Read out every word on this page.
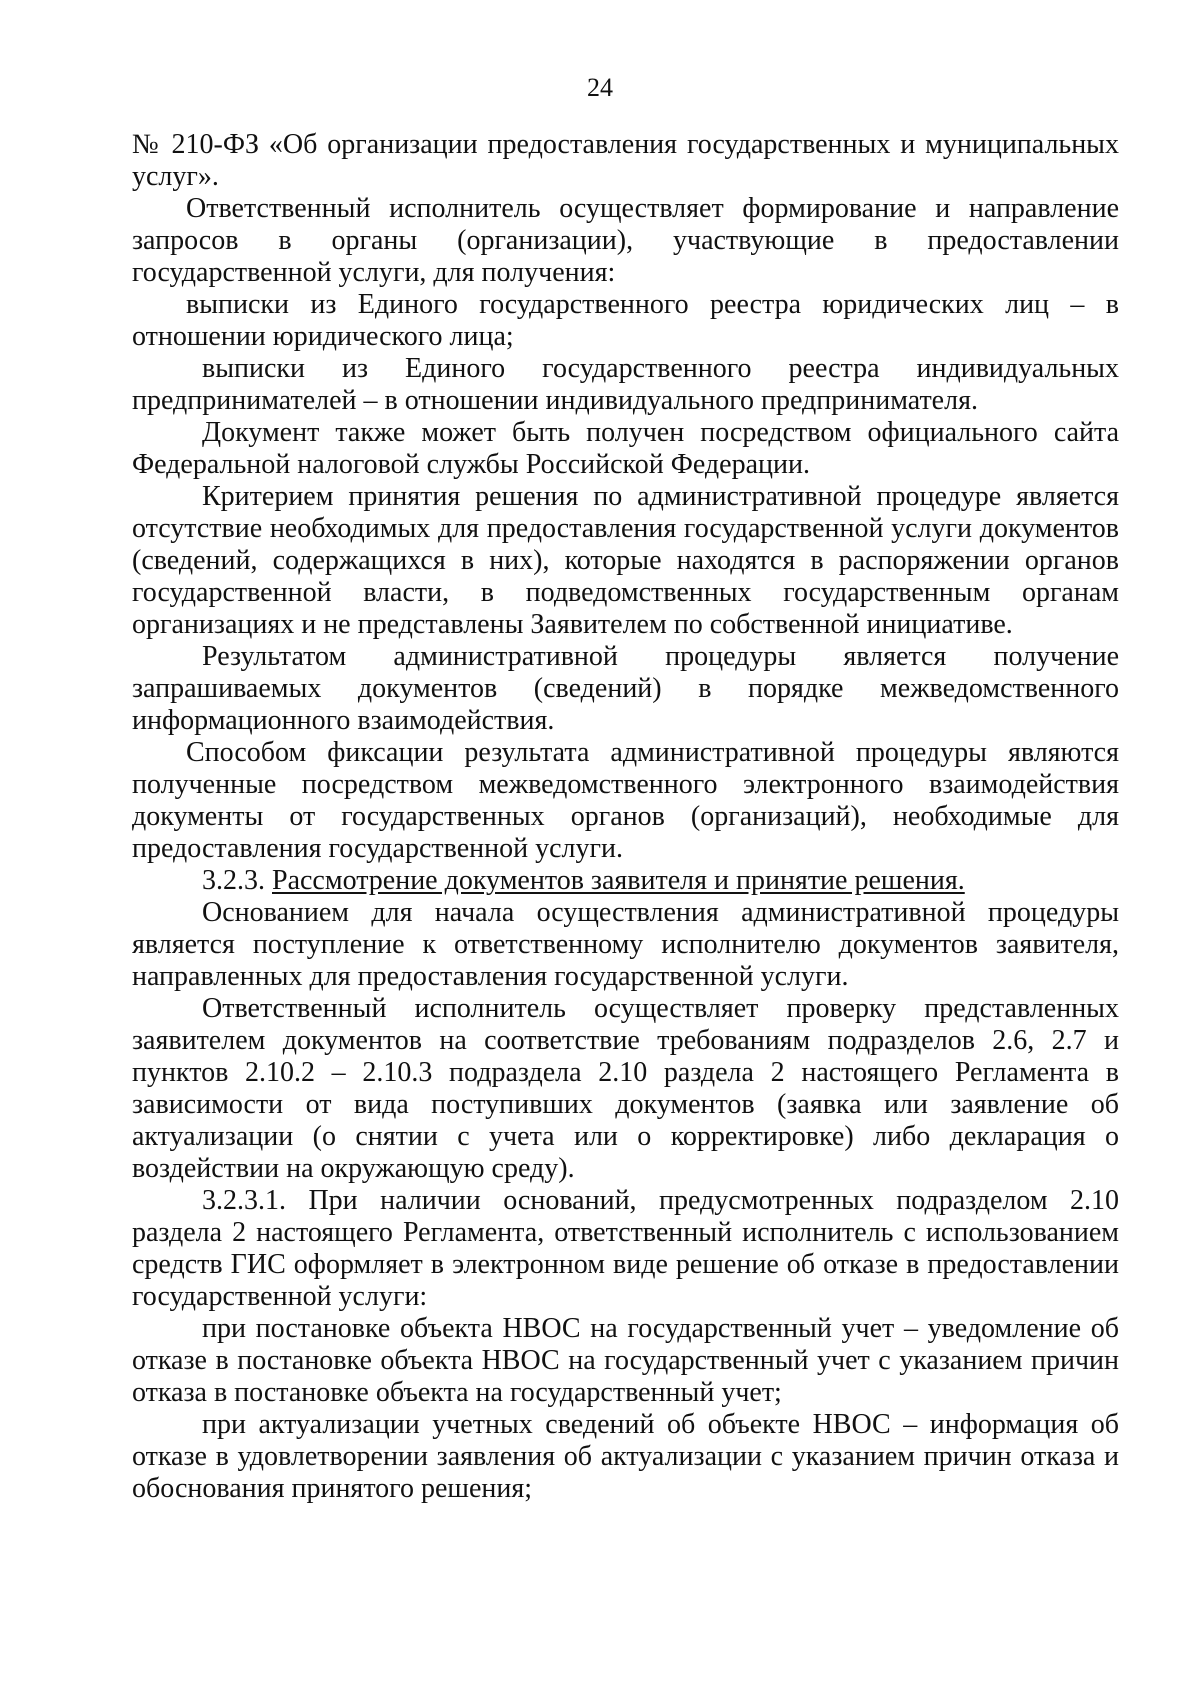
24

№ 210-ФЗ «Об организации предоставления государственных и муниципальных услуг».

Ответственный исполнитель осуществляет формирование и направление запросов в органы (организации), участвующие в предоставлении государственной услуги, для получения:

выписки из Единого государственного реестра юридических лиц – в отношении юридического лица;

выписки из Единого государственного реестра индивидуальных предпринимателей – в отношении индивидуального предпринимателя.

Документ также может быть получен посредством официального сайта Федеральной налоговой службы Российской Федерации.

Критерием принятия решения по административной процедуре является отсутствие необходимых для предоставления государственной услуги документов (сведений, содержащихся в них), которые находятся в распоряжении органов государственной власти, в подведомственных государственным органам организациях и не представлены Заявителем по собственной инициативе.

Результатом административной процедуры является получение запрашиваемых документов (сведений) в порядке межведомственного информационного взаимодействия.

Способом фиксации результата административной процедуры являются полученные посредством межведомственного электронного взаимодействия документы от государственных органов (организаций), необходимые для предоставления государственной услуги.

3.2.3. Рассмотрение документов заявителя и принятие решения.

Основанием для начала осуществления административной процедуры является поступление к ответственному исполнителю документов заявителя, направленных для предоставления государственной услуги.

Ответственный исполнитель осуществляет проверку представленных заявителем документов на соответствие требованиям подразделов 2.6, 2.7 и пунктов 2.10.2 – 2.10.3 подраздела 2.10 раздела 2 настоящего Регламента в зависимости от вида поступивших документов (заявка или заявление об актуализации (о снятии с учета или о корректировке) либо декларация о воздействии на окружающую среду).

3.2.3.1. При наличии оснований, предусмотренных подразделом 2.10 раздела 2 настоящего Регламента, ответственный исполнитель с использованием средств ГИС оформляет в электронном виде решение об отказе в предоставлении государственной услуги:

при постановке объекта НВОС на государственный учет – уведомление об отказе в постановке объекта НВОС на государственный учет с указанием причин отказа в постановке объекта на государственный учет;

при актуализации учетных сведений об объекте НВОС – информация об отказе в удовлетворении заявления об актуализации с указанием причин отказа и обоснования принятого решения;
